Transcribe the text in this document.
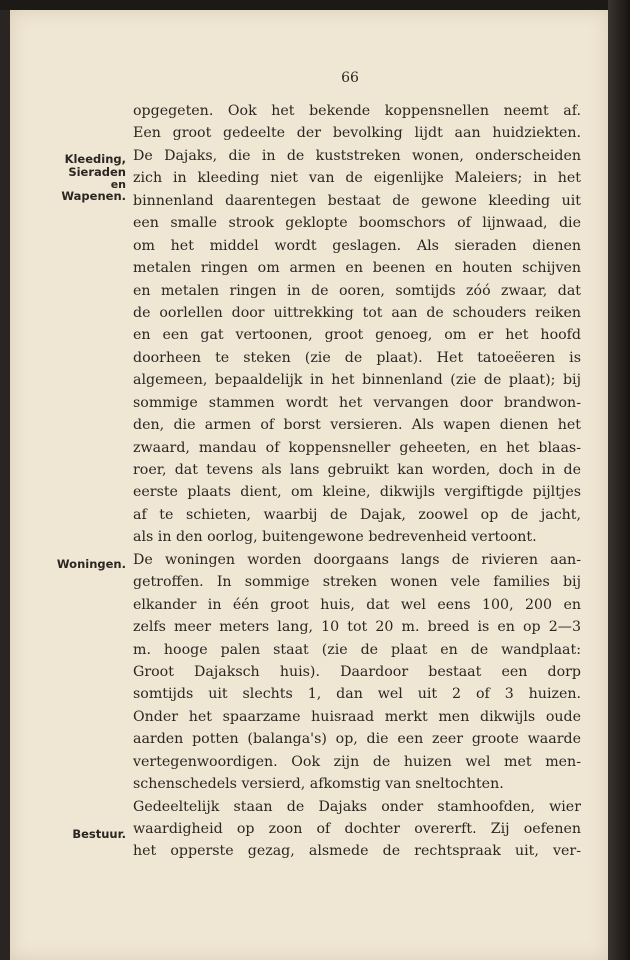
66
Kleeding,
Sieraden
en
Wapenen.
Woningen.
Bestuur.
opgegeten. Ook het bekende koppensnellen neemt af.
Een groot gedeelte der bevolking lijdt aan huidziekten.
De Dajaks, die in de kuststreken wonen, onderscheiden
zich in kleeding niet van de eigenlijke Maleiers; in het
binnenland daarentegen bestaat de gewone kleeding uit
een smalle strook geklopte boomschors of lijnwaad, die
om het middel wordt geslagen. Als sieraden dienen
metalen ringen om armen en beenen en houten schijven
en metalen ringen in de ooren, somtijds zóó zwaar, dat
de oorlellen door uittrekking tot aan de schouders reiken
en een gat vertoonen, groot genoeg, om er het hoofd
doorheen te steken (zie de plaat). Het tatoeëeren is
algemeen, bepaaldelijk in het binnenland (zie de plaat); bij
sommige stammen wordt het vervangen door brandwon-
den, die armen of borst versieren. Als wapen dienen het
zwaard, mandau of koppensneller geheeten, en het blaas-
roer, dat tevens als lans gebruikt kan worden, doch in de
eerste plaats dient, om kleine, dikwijls vergiftigde pijltjes
af te schieten, waarbij de Dajak, zoowel op de jacht,
als in den oorlog, buitengewone bedrevenheid vertoont.
De woningen worden doorgaans langs de rivieren aan-
getroffen. In sommige streken wonen vele families bij
elkander in één groot huis, dat wel eens 100, 200 en
zelfs meer meters lang, 10 tot 20 m. breed is en op 2—3
m. hooge palen staat (zie de plaat en de wandplaat:
Groot Dajaksch huis). Daardoor bestaat een dorp
somtijds uit slechts 1, dan wel uit 2 of 3 huizen.
Onder het spaarzame huisraad merkt men dikwijls oude
aarden potten (balanga's) op, die een zeer groote waarde
vertegenwoordigen. Ook zijn de huizen wel met men-
schenschedels versierd, afkomstig van sneltochten.
Gedeeltelijk staan de Dajaks onder stamhoofden, wier
waardigheid op zoon of dochter overerft. Zij oefenen
het opperste gezag, alsmede de rechtspraak uit, ver-
